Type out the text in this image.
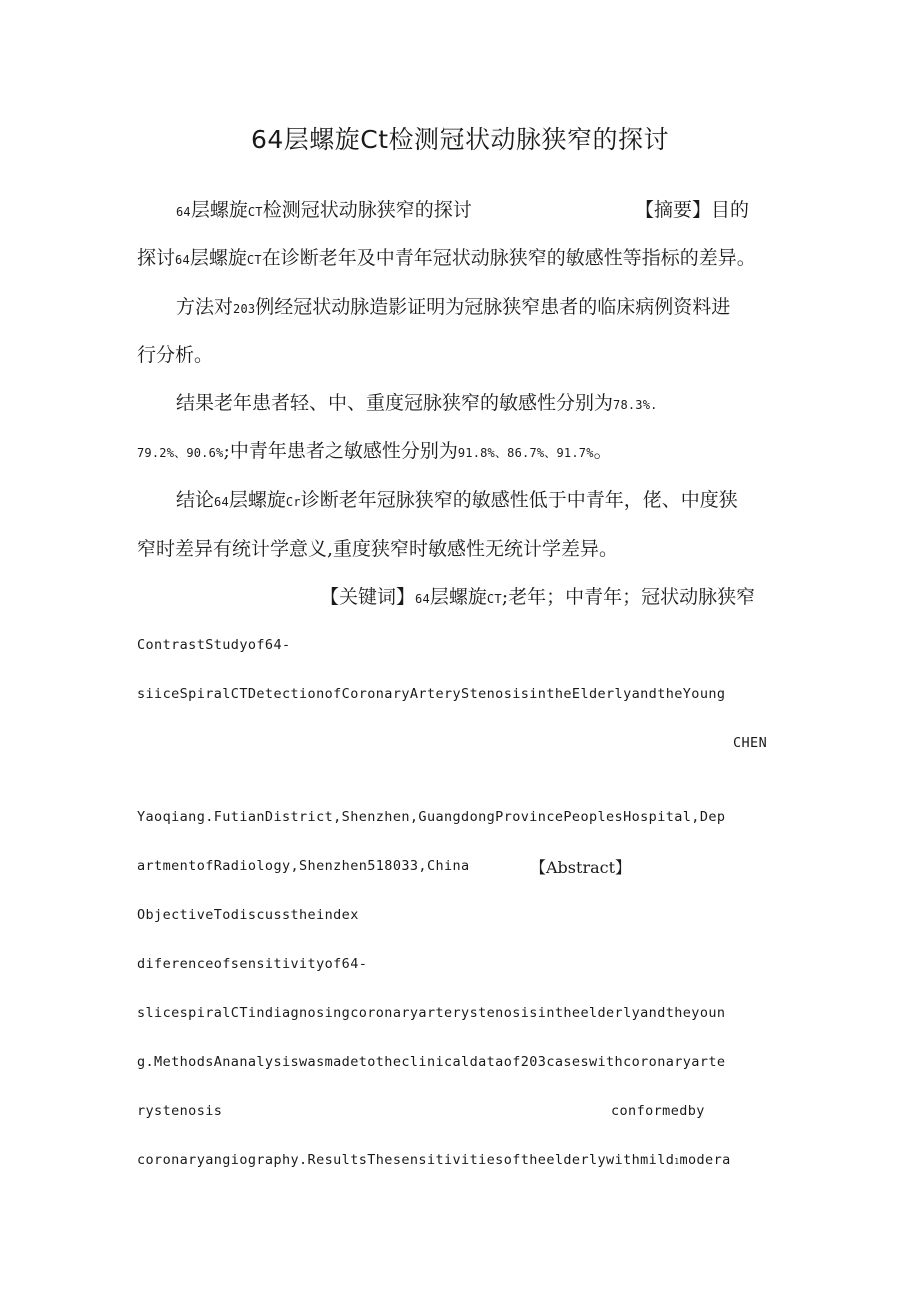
64层螺旋Ct检测冠状动脉狭窄的探讨
64层螺旋CT检测冠状动脉狭窄的探讨	【摘要】目的
探讨64层螺旋CT在诊断老年及中青年冠状动脉狭窄的敏感性等指标的差异。
方法对203例经冠状动脉造影证明为冠脉狭窄患者的临床病例资料进
行分析。
结果老年患者轻、中、重度冠脉狭窄的敏感性分别为78.3%.
79.2%、90.6%;中青年患者之敏感性分别为91.8%、86.7%、91.7%。
结论64层螺旋Cr诊断老年冠脉狭窄的敏感性低于中青年，佬、中度狭
窄时差异有统计学意义,重度狭窄时敏感性无统计学差异。
【关键词】64层螺旋CT;老年；中青年；冠状动脉狭窄
ContrastStudyof64-
siiceSpiralCTDetectionofCoronaryArteryStenosisintheElderlyandtheYoung
CHEN
Yaoqiang.FutianDistrict,Shenzhen,GuangdongProvincePeoplesHospital,Dep
artmentofRadiology,Shenzhen518033,China	【Abstract】
ObjectiveTodiscusstheindex
diferenceofsensitivityof64-
slicespiralCTindiagnosingcoronaryarterystenosisintheelderlyandtheyoun
g.MethodsAnanalysiswasmadetotheclinicaldataof203caseswithcoronaryarte
rystenosis	conformedby
coronaryangiography.ResultsThesensitivitiesoftheelderlywithmild1modera
